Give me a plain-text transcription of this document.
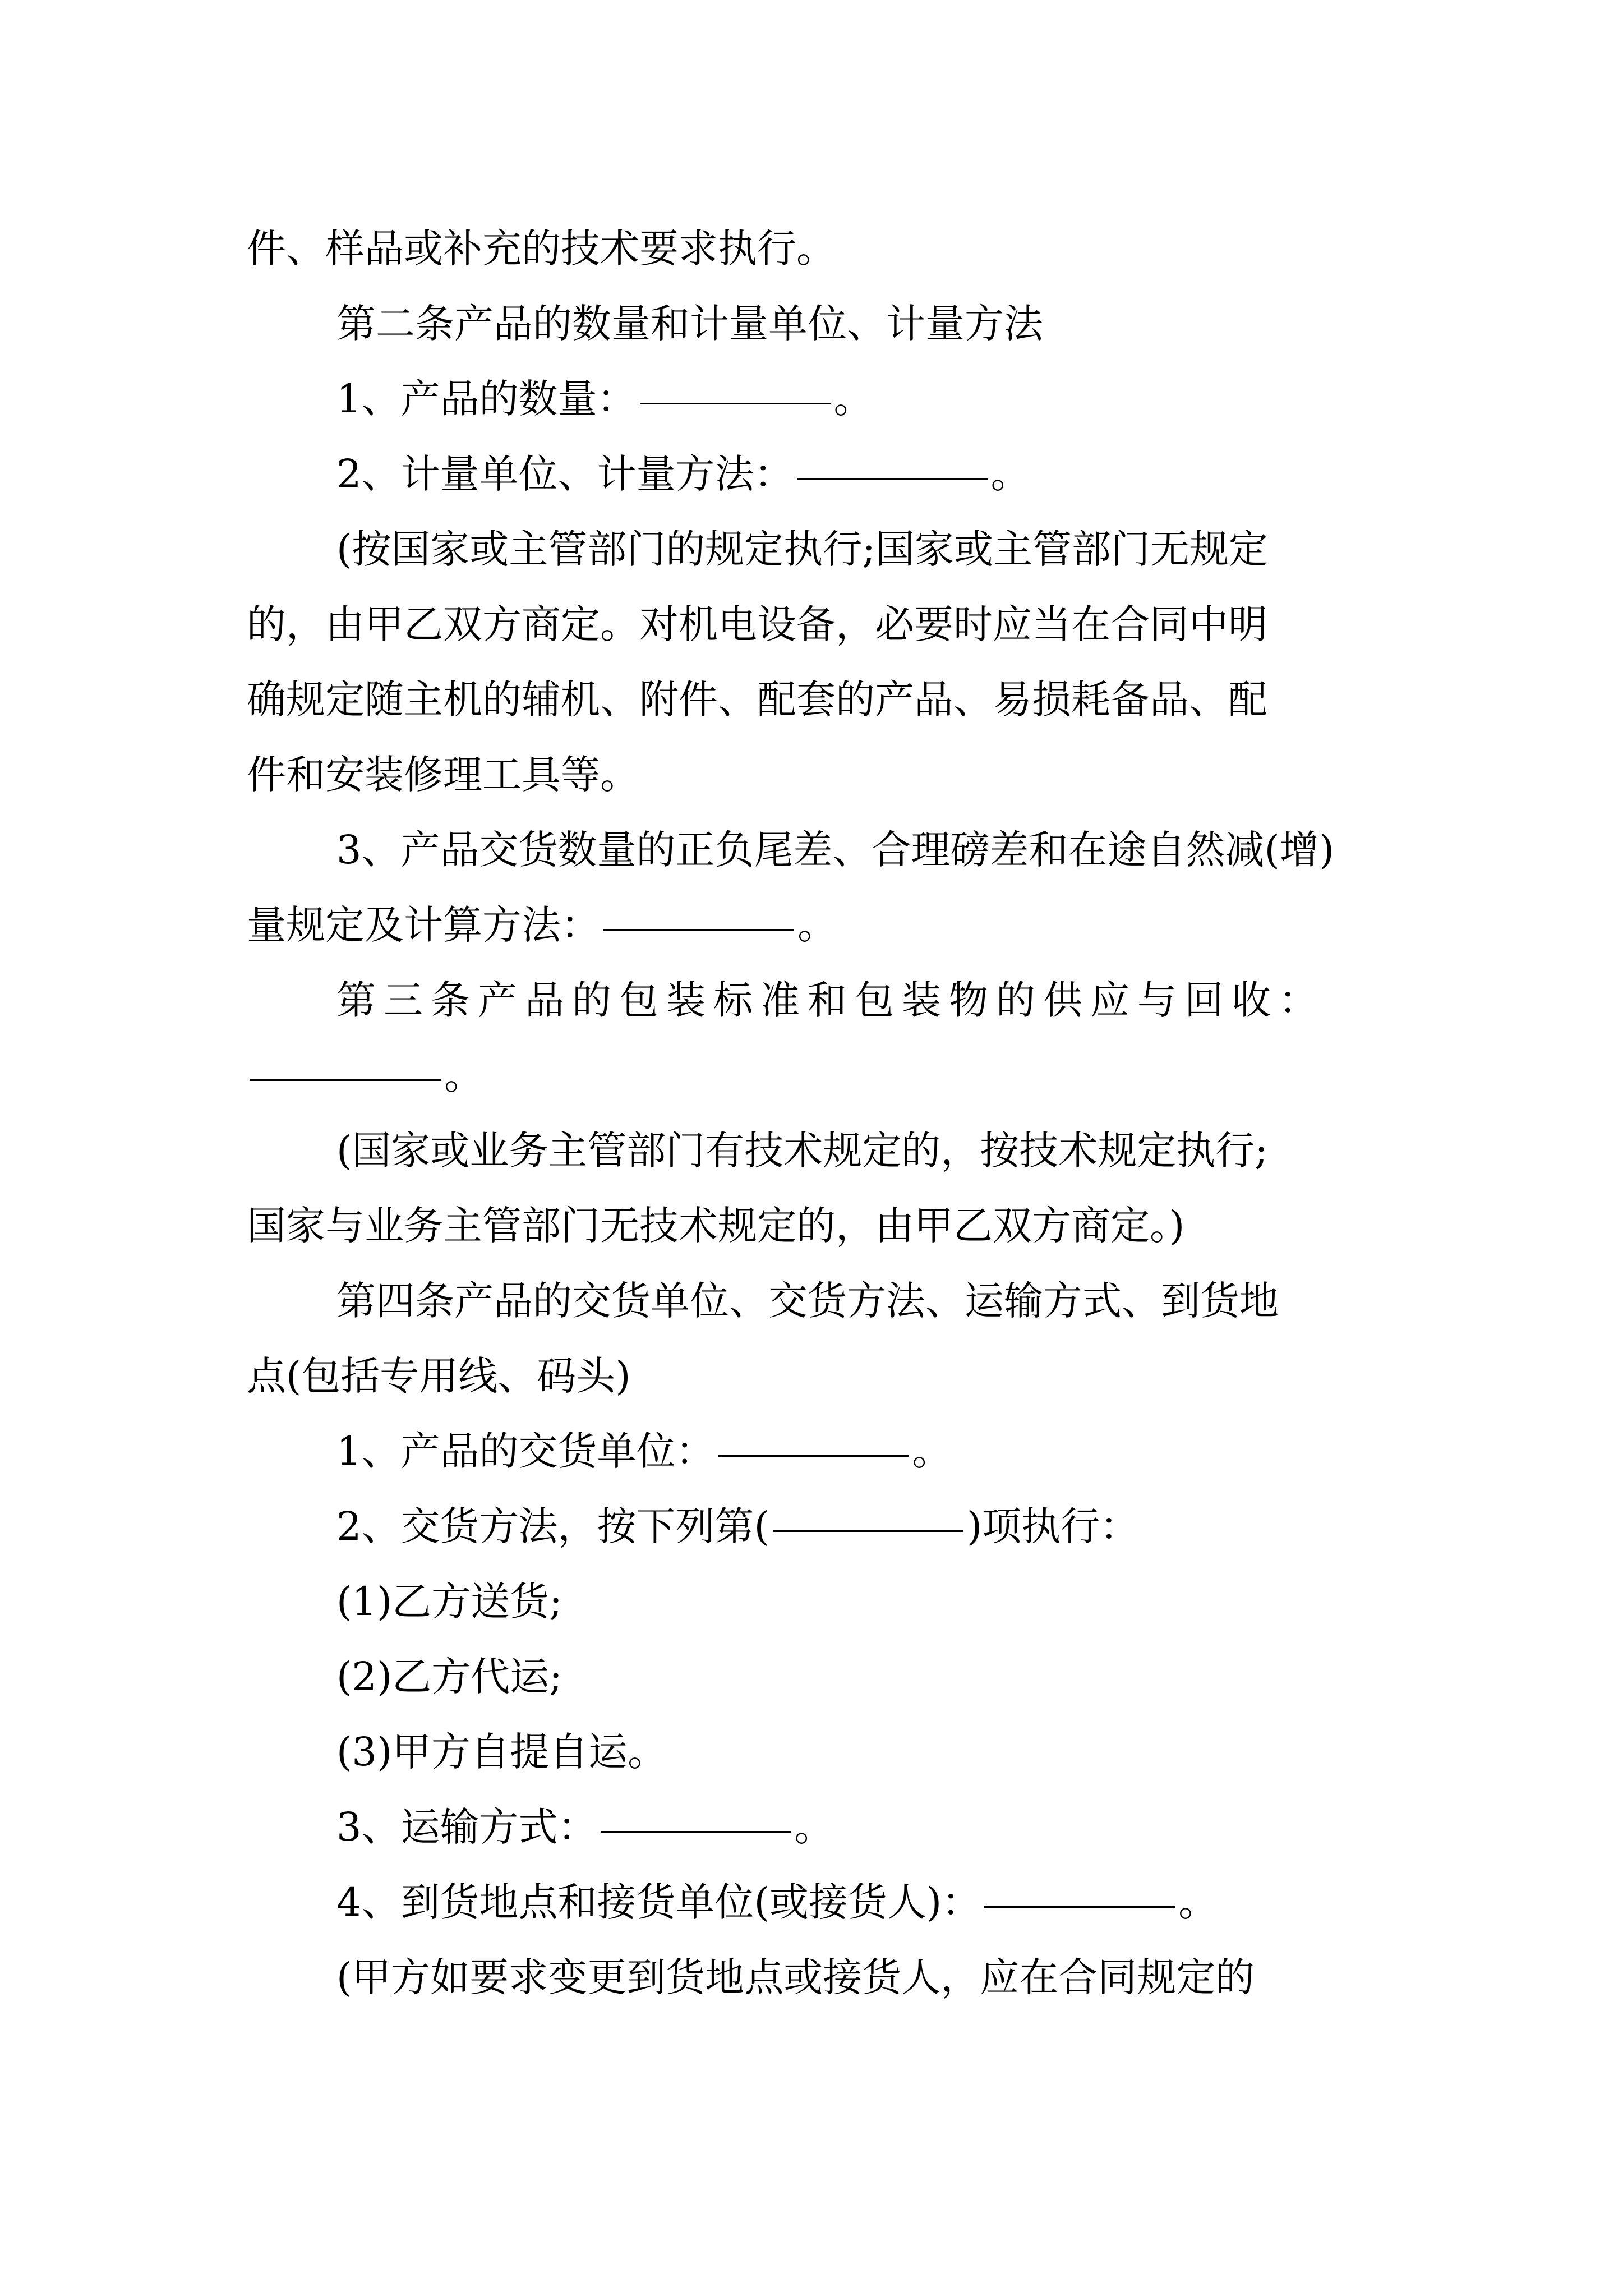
件、样品或补充的技术要求执行。
第二条产品的数量和计量单位、计量方法
1、产品的数量：	。
2、计量单位、计量方法：	。
(按国家或主管部门的规定执行;国家或主管部门无规定
的，由甲乙双方商定。对机电设备，必要时应当在合同中明
确规定随主机的辅机、附件、配套的产品、易损耗备品、配
件和安装修理工具等。
3、产品交货数量的正负尾差、合理磅差和在途自然减(增)
量规定及计算方法：	。
第三条产品的包装标准和包装物的供应与回收：
。
(国家或业务主管部门有技术规定的，按技术规定执行;
国家与业务主管部门无技术规定的，由甲乙双方商定。)
第四条产品的交货单位、交货方法、运输方式、到货地
点(包括专用线、码头)
1、产品的交货单位：	。
2、交货方法，按下列第(	)项执行：
(1)乙方送货;
(2)乙方代运;
(3)甲方自提自运。
3、运输方式：	。
4、到货地点和接货单位(或接货人)：	。
(甲方如要求变更到货地点或接货人，应在合同规定的
